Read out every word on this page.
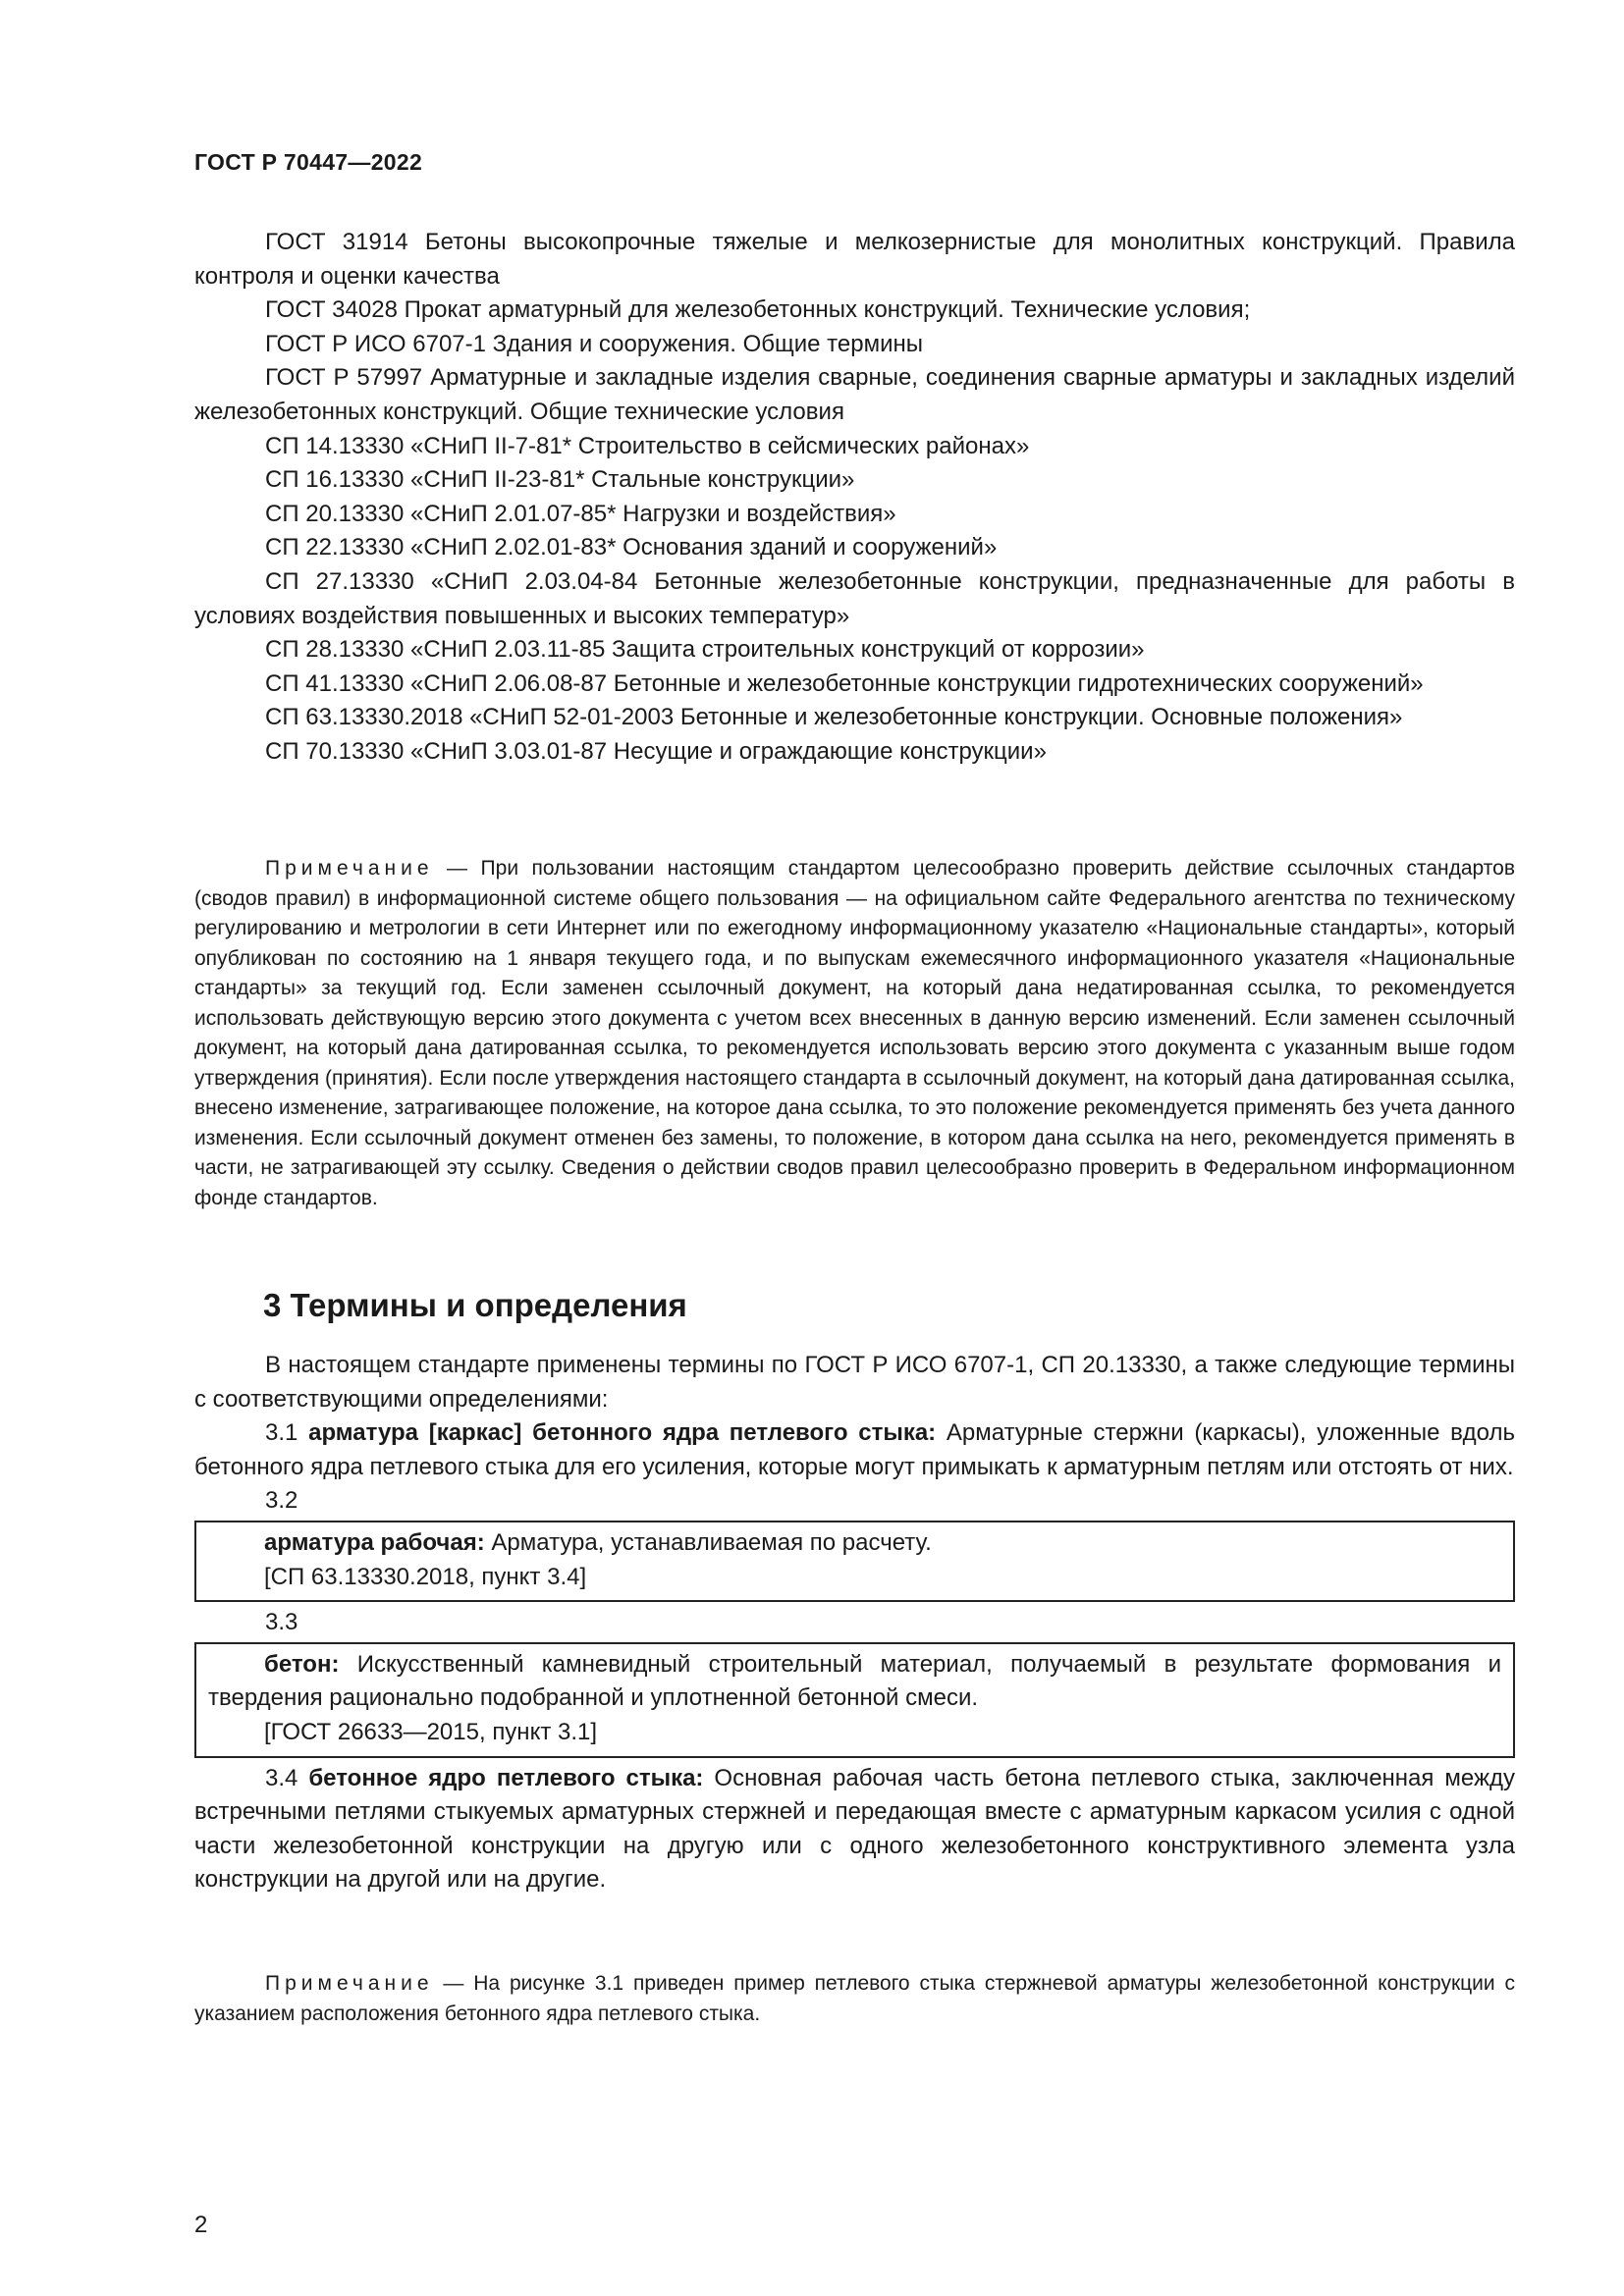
ГОСТ Р 70447—2022

ГОСТ 31914 Бетоны высокопрочные тяжелые и мелкозернистые для монолитных конструкций. Правила контроля и оценки качества

ГОСТ 34028 Прокат арматурный для железобетонных конструкций. Технические условия;

ГОСТ Р ИСО 6707-1 Здания и сооружения. Общие термины

ГОСТ Р 57997 Арматурные и закладные изделия сварные, соединения сварные арматуры и закладных изделий железобетонных конструкций. Общие технические условия

СП 14.13330 «СНиП II-7-81* Строительство в сейсмических районах»

СП 16.13330 «СНиП II-23-81* Стальные конструкции»

СП 20.13330 «СНиП 2.01.07-85* Нагрузки и воздействия»

СП 22.13330 «СНиП 2.02.01-83* Основания зданий и сооружений»

СП 27.13330 «СНиП 2.03.04-84 Бетонные железобетонные конструкции, предназначенные для работы в условиях воздействия повышенных и высоких температур»

СП 28.13330 «СНиП 2.03.11-85 Защита строительных конструкций от коррозии»

СП 41.13330 «СНиП 2.06.08-87 Бетонные и железобетонные конструкции гидротехнических сооружений»

СП 63.13330.2018 «СНиП 52-01-2003 Бетонные и железобетонные конструкции. Основные положения»

СП 70.13330 «СНиП 3.03.01-87 Несущие и ограждающие конструкции»

Примечание — При пользовании настоящим стандартом целесообразно проверить действие ссылочных стандартов (сводов правил) в информационной системе общего пользования — на официальном сайте Федерального агентства по техническому регулированию и метрологии в сети Интернет или по ежегодному информационному указателю «Национальные стандарты», который опубликован по состоянию на 1 января текущего года, и по выпускам ежемесячного информационного указателя «Национальные стандарты» за текущий год. Если заменен ссылочный документ, на который дана недатированная ссылка, то рекомендуется использовать действующую версию этого документа с учетом всех внесенных в данную версию изменений. Если заменен ссылочный документ, на который дана датированная ссылка, то рекомендуется использовать версию этого документа с указанным выше годом утверждения (принятия). Если после утверждения настоящего стандарта в ссылочный документ, на который дана датированная ссылка, внесено изменение, затрагивающее положение, на которое дана ссылка, то это положение рекомендуется применять без учета данного изменения. Если ссылочный документ отменен без замены, то положение, в котором дана ссылка на него, рекомендуется применять в части, не затрагивающей эту ссылку. Сведения о действии сводов правил целесообразно проверить в Федеральном информационном фонде стандартов.

3 Термины и определения

В настоящем стандарте применены термины по ГОСТ Р ИСО 6707-1, СП 20.13330, а также следующие термины с соответствующими определениями:

3.1 арматура [каркас] бетонного ядра петлевого стыка: Арматурные стержни (каркасы), уложенные вдоль бетонного ядра петлевого стыка для его усиления, которые могут примыкать к арматурным петлям или отстоять от них.

3.2

арматура рабочая: Арматура, устанавливаемая по расчету.

[СП 63.13330.2018, пункт 3.4]

3.3

бетон: Искусственный камневидный строительный материал, получаемый в результате формования и твердения рационально подобранной и уплотненной бетонной смеси.

[ГОСТ 26633—2015, пункт 3.1]

3.4 бетонное ядро петлевого стыка: Основная рабочая часть бетона петлевого стыка, заключенная между встречными петлями стыкуемых арматурных стержней и передающая вместе с арматурным каркасом усилия с одной части железобетонной конструкции на другую или с одного железобетонного конструктивного элемента узла конструкции на другой или на другие.

Примечание — На рисунке 3.1 приведен пример петлевого стыка стержневой арматуры железобетонной конструкции с указанием расположения бетонного ядра петлевого стыка.

2
